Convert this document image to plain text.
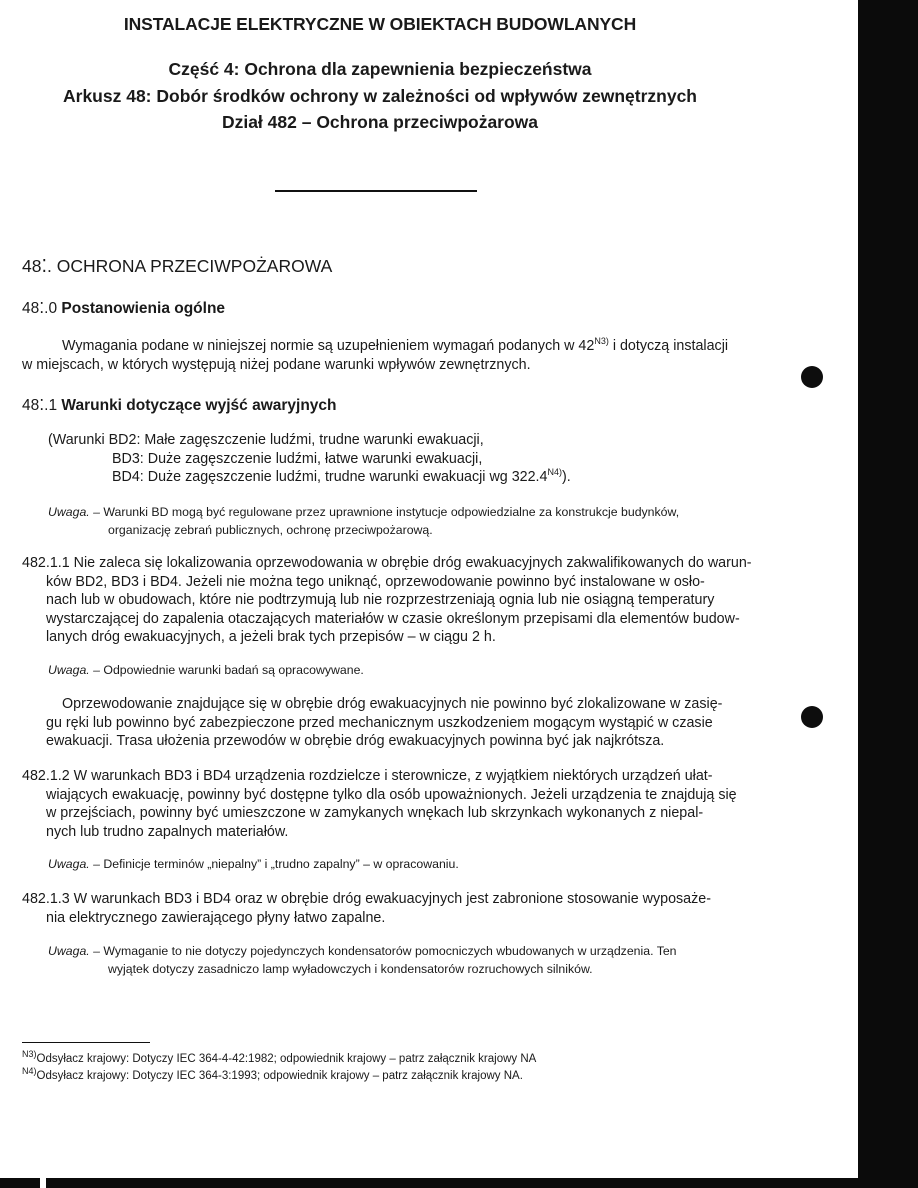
INSTALACJE ELEKTRYCZNE W OBIEKTACH BUDOWLANYCH
Część 4: Ochrona dla zapewnienia bezpieczeństwa
Arkusz 48: Dobór środków ochrony w zależności od wpływów zewnętrznych
Dział 482 – Ochrona przeciwpożarowa
48⁚. OCHRONA PRZECIWPOŻAROWA
48⁚.0 Postanowienia ogólne
Wymagania podane w niniejszej normie są uzupełnieniem wymagań podanych w $42^{N3)}$ i dotyczą instalacji
w miejscach, w których występują niżej podane warunki wpływów zewnętrznych.
48⁚.1 Warunki dotyczące wyjść awaryjnych
(Warunki BD2: Małe zagęszczenie ludźmi, trudne warunki ewakuacji,
BD3: Duże zagęszczenie ludźmi, łatwe warunki ewakuacji,
BD4: Duże zagęszczenie ludźmi, trudne warunki ewakuacji wg $322.4^{N4)}$).
Uwaga. – Warunki BD mogą być regulowane przez uprawnione instytucje odpowiedzialne za konstrukcje budynków,
organizację zebrań publicznych, ochronę przeciwpożarową.
482.1.1 Nie zaleca się lokalizowania oprzewodowania w obrębie dróg ewakuacyjnych zakwalifikowanych do warun-
ków BD2, BD3 i BD4. Jeżeli nie można tego uniknąć, oprzewodowanie powinno być instalowane w osło-
nach lub w obudowach, które nie podtrzymują lub nie rozprzestrzeniają ognia lub nie osiągną temperatury
wystarczającej do zapalenia otaczających materiałów w czasie określonym przepisami dla elementów budow-
lanych dróg ewakuacyjnych, a jeżeli brak tych przepisów – w ciągu 2 h.
Uwaga. – Odpowiednie warunki badań są opracowywane.
Oprzewodowanie znajdujące się w obrębie dróg ewakuacyjnych nie powinno być zlokalizowane w zasię-
gu ręki lub powinno być zabezpieczone przed mechanicznym uszkodzeniem mogącym wystąpić w czasie
ewakuacji. Trasa ułożenia przewodów w obrębie dróg ewakuacyjnych powinna być jak najkrótsza.
482.1.2 W warunkach BD3 i BD4 urządzenia rozdzielcze i sterownicze, z wyjątkiem niektórych urządzeń ułat-
wiających ewakuację, powinny być dostępne tylko dla osób upoważnionych. Jeżeli urządzenia te znajdują się
w przejściach, powinny być umieszczone w zamykanych wnękach lub skrzynkach wykonanych z niepal-
nych lub trudno zapalnych materiałów.
Uwaga. – Definicje terminów „niepalny” i „trudno zapalny” – w opracowaniu.
482.1.3 W warunkach BD3 i BD4 oraz w obrębie dróg ewakuacyjnych jest zabronione stosowanie wyposaże-
nia elektrycznego zawierającego płyny łatwo zapalne.
Uwaga. – Wymaganie to nie dotyczy pojedynczych kondensatorów pomocniczych wbudowanych w urządzenia. Ten
wyjątek dotyczy zasadniczo lamp wyładowczych i kondensatorów rozruchowych silników.
$^{N3)}$Odsyłacz krajowy: Dotyczy IEC 364-4-42:1982; odpowiednik krajowy – patrz załącznik krajowy NA
$^{N4)}$Odsyłacz krajowy: Dotyczy IEC 364-3:1993; odpowiednik krajowy – patrz załącznik krajowy NA.
